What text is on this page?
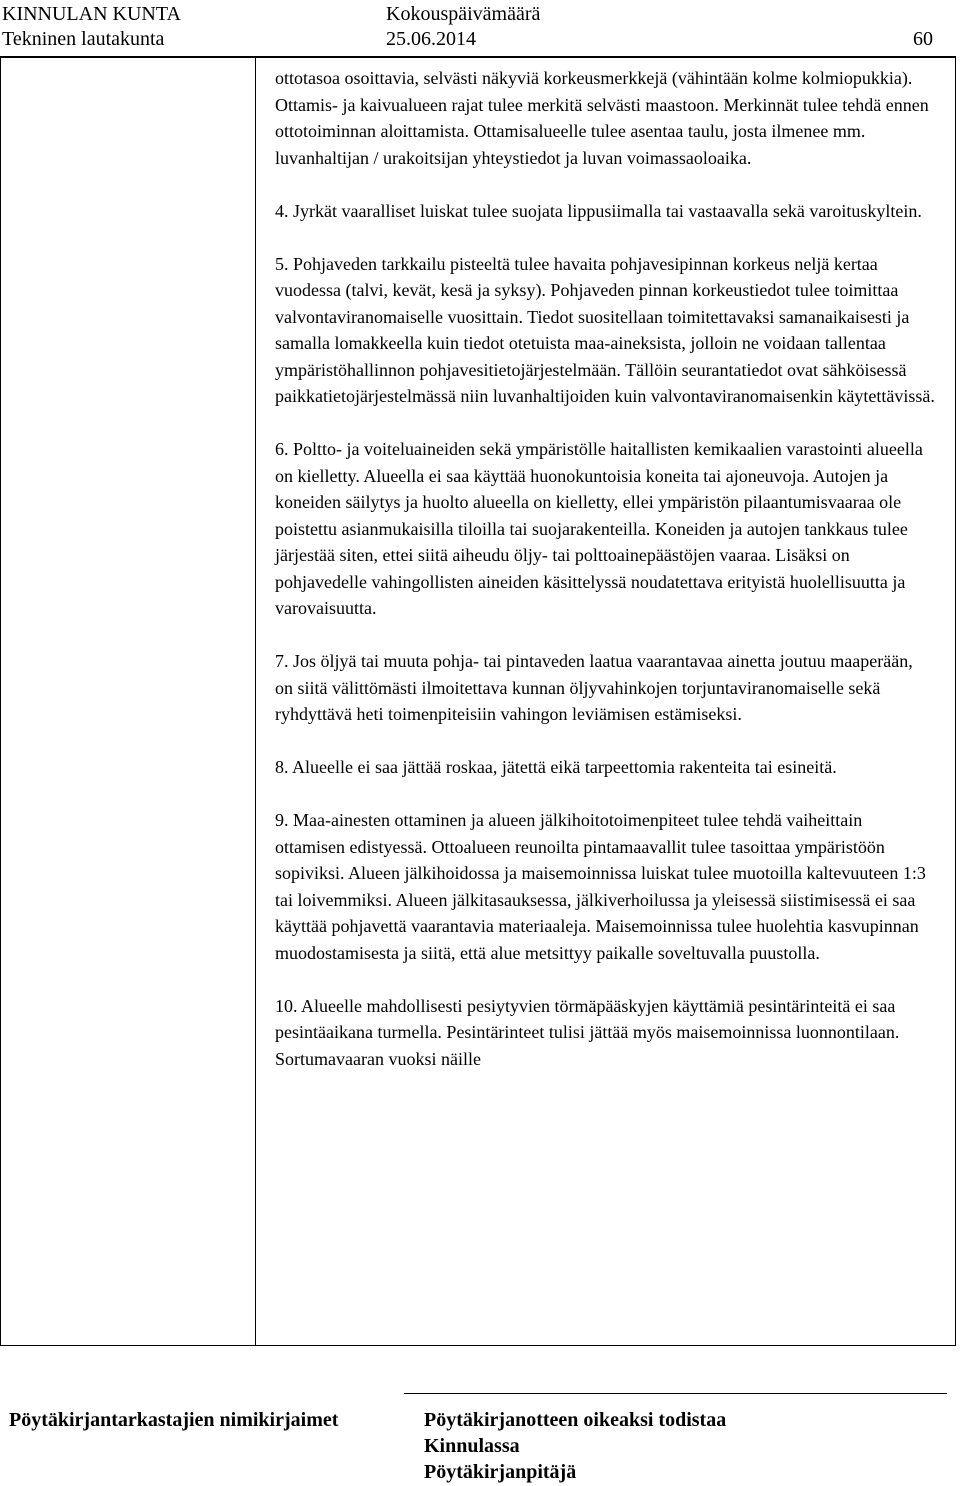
KINNULAN KUNTA	Kokouspäivämäärä
Tekninen lautakunta	25.06.2014	60

ottotasoa osoittavia, selvästi näkyviä korkeusmerkkejä (vähintään kolme kolmiopukkia). Ottamis- ja kaivualueen rajat tulee merkitä selvästi maastoon. Merkinnät tulee tehdä ennen ottotoiminnan aloittamista. Ottamisalueelle tulee asentaa taulu, josta ilmenee mm. luvanhaltijan / urakoitsijan yhteystiedot ja luvan voimassaoloaika.

4. Jyrkät vaaralliset luiskat tulee suojata lippusiimalla tai vastaavalla sekä varoituskyltein.

5. Pohjaveden tarkkailu pisteeltä tulee havaita pohjavesipinnan korkeus neljä kertaa vuodessa (talvi, kevät, kesä ja syksy). Pohjaveden pinnan korkeustiedot tulee toimittaa valvontaviranomaiselle vuosittain. Tiedot suositellaan toimitettavaksi samanaikaisesti ja samalla lomakkeella kuin tiedot otetuista maa-aineksista, jolloin ne voidaan tallentaa ympäristöhallinnon pohjavesitietojärjestelmään. Tällöin seurantatiedot ovat sähköisessä paikkatietojärjestelmässä niin luvanhaltijoiden kuin valvontaviranomaisenkin käytettävissä.

6. Poltto- ja voiteluaineiden sekä ympäristölle haitallisten kemikaalien varastointi alueella on kielletty. Alueella ei saa käyttää huonokuntoisia koneita tai ajoneuvoja. Autojen ja koneiden säilytys ja huolto alueella on kielletty, ellei ympäristön pilaantumisvaaraa ole poistettu asianmukaisilla tiloilla tai suojarakenteilla. Koneiden ja autojen tankkaus tulee järjestää siten, ettei siitä aiheudu öljy- tai polttoainepäästöjen vaaraa. Lisäksi on pohjavedelle vahingollisten aineiden käsittelyssä noudatettava erityistä huolellisuutta ja varovaisuutta.

7. Jos öljyä tai muuta pohja- tai pintaveden laatua vaarantavaa ainetta joutuu maaperään, on siitä välittömästi ilmoitettava kunnan öljyvahinkojen torjuntaviranomaiselle sekä ryhdyttävä heti toimenpiteisiin vahingon leviämisen estämiseksi.

8. Alueelle ei saa jättää roskaa, jätettä eikä tarpeettomia rakenteita tai esineitä.

9. Maa-ainesten ottaminen ja alueen jälkihoitotoimenpiteet tulee tehdä vaiheittain ottamisen edistyessä. Ottoalueen reunoilta pintamaavallit tulee tasoittaa ympäristöön sopiviksi. Alueen jälkihoidossa ja maisemoinnissa luiskat tulee muotoilla kaltevuuteen 1:3 tai loivemmiksi. Alueen jälkitasauksessa, jälkiverhoilussa ja yleisessä siistimisessä ei saa käyttää pohjavettä vaarantavia materiaaleja. Maisemoinnissa tulee huolehtia kasvupinnan muodostamisesta ja siitä, että alue metsittyy paikalle soveltuvalla puustolla.

10. Alueelle mahdollisesti pesiytyvien törmäpääskyjen käyttämiä pesintärinteitä ei saa pesintäaikana turmella. Pesintärinteet tulisi jättää myös maisemoinnissa luonnontilaan. Sortumavaaran vuoksi näille

Pöytäkirjantarkastajien nimikirjaimet	Pöytäkirjanotteen oikeaksi todistaa
Kinnulassa
Pöytäkirjanpitäjä
